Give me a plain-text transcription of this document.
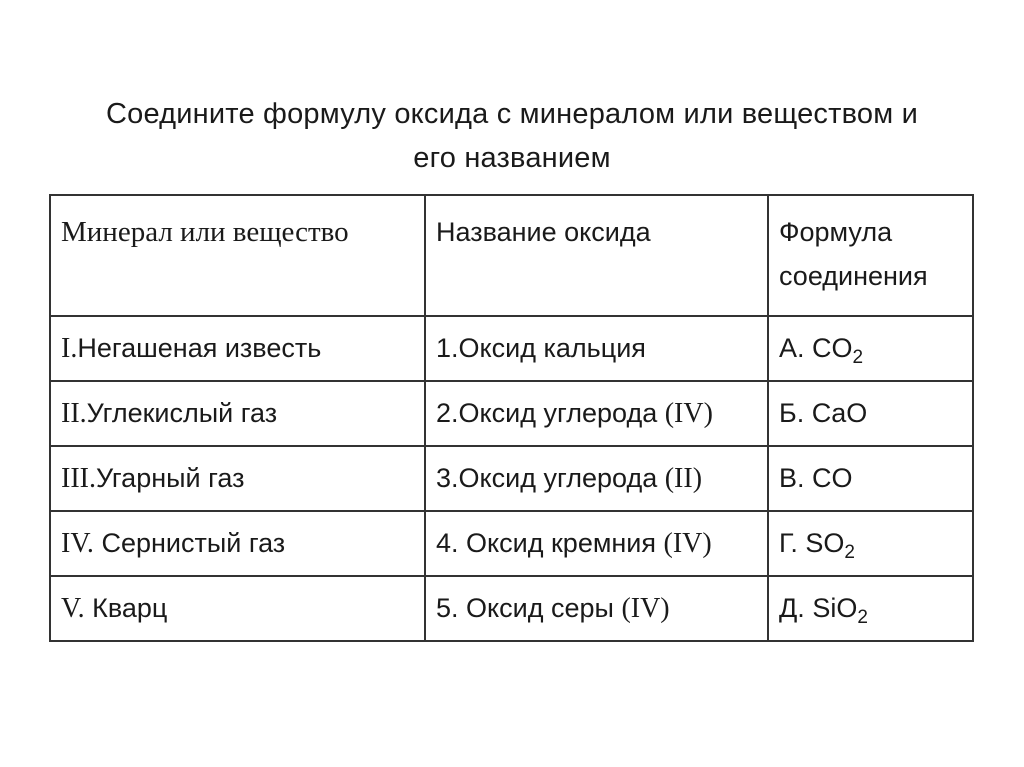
Соедините формулу оксида с минералом или веществом и
его названием
Минерал или вещество	Название оксида	Формула
соединения

I.Негашеная известь	1.Оксид кальция	А. $CO_2$
II.Углекислый газ	2.Оксид углерода (IV)	Б. CaO
III.Угарный газ	3.Оксид углерода (II)	В. CO
IV. Сернистый газ	4. Оксид кремния (IV)	Г. $SO_2$
V. Кварц	5. Оксид серы (IV)	Д. SiO$_2$
